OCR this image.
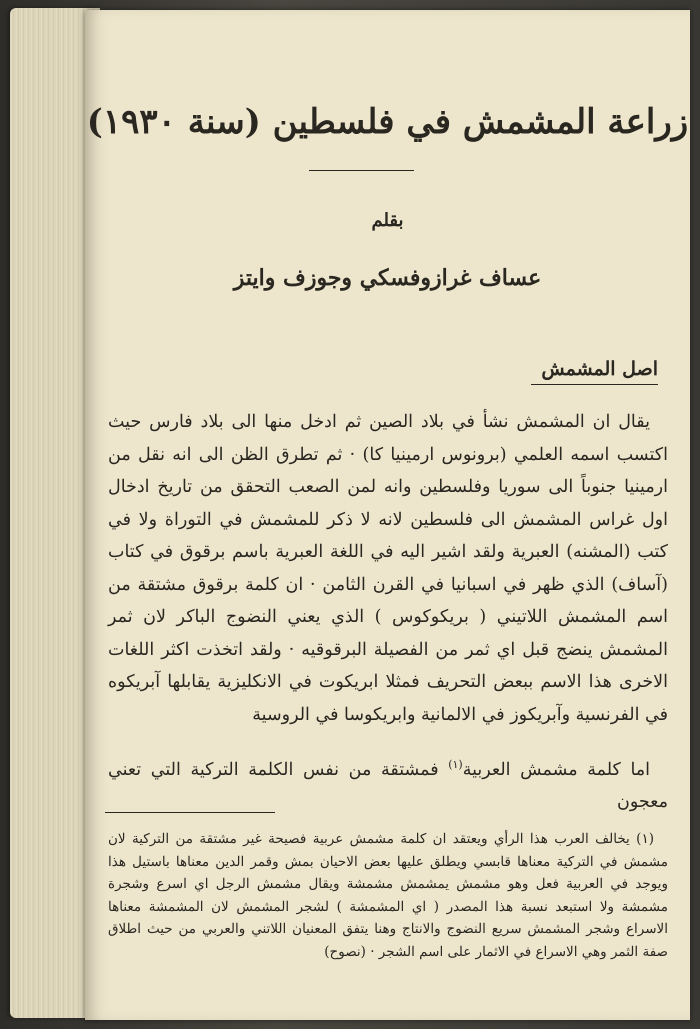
زراعة المشمش في فلسطين (سنة ١٩٣٠)
بقلم
عساف غرازوفسكي وجوزف وايتز
اصل المشمش

يقال ان المشمش نشأ في بلاد الصين ثم ادخل منها الى بلاد فارس حيث اكتسب اسمه العلمي (برونوس ارمينيا كا) · ثم تطرق الظن الى انه نقل من ارمينيا جنوباً الى سوريا وفلسطين وانه لمن الصعب التحقق من تاريخ ادخال اول غراس المشمش الى فلسطين لانه لا ذكر للمشمش في التوراة ولا في كتب (المشنه) العبرية ولقد اشير اليه في اللغة العبرية باسم برقوق في كتاب (آساف) الذي ظهر في اسبانيا في القرن الثامن · ان كلمة برقوق مشتقة من اسم المشمش اللاتيني ( بريكوكوس ) الذي يعني النضوج الباكر لان ثمر المشمش ينضج قبل اي ثمر من الفصيلة البرقوقيه · ولقد اتخذت اكثر اللغات الاخرى هذا الاسم ببعض التحريف فمثلا ابريكوت في الانكليزية يقابلها آبريكوه في الفرنسية وآبريكوز في الالمانية وابريكوسا في الروسية

اما كلمة مشمش العربية$^{(١)}$ فمشتقة من نفس الكلمة التركية التي تعني معجون

(١) يخالف العرب هذا الرأي ويعتقد ان كلمة مشمش عربية فصيحة غير مشتقة من التركية لان مشمش في التركية معناها قابسي ويطلق عليها بعض الاحيان بمش وقمر الدين معناها باستيل هذا ويوجد في العربية فعل وهو مشمش يمشمش مشمشة ويقال مشمش الرجل اي اسرع وشجرة مشمشة ولا استبعد نسبة هذا المصدر ( اي المشمشة ) لشجر المشمش لان المشمشة معناها الاسراع وشجر المشمش سريع النضوج والانتاج وهنا يتفق المعنيان اللاتني والعربي من حيث اطلاق صفة الثمر وهي الاسراع في الاثمار على اسم الشجر · (نصوح)
